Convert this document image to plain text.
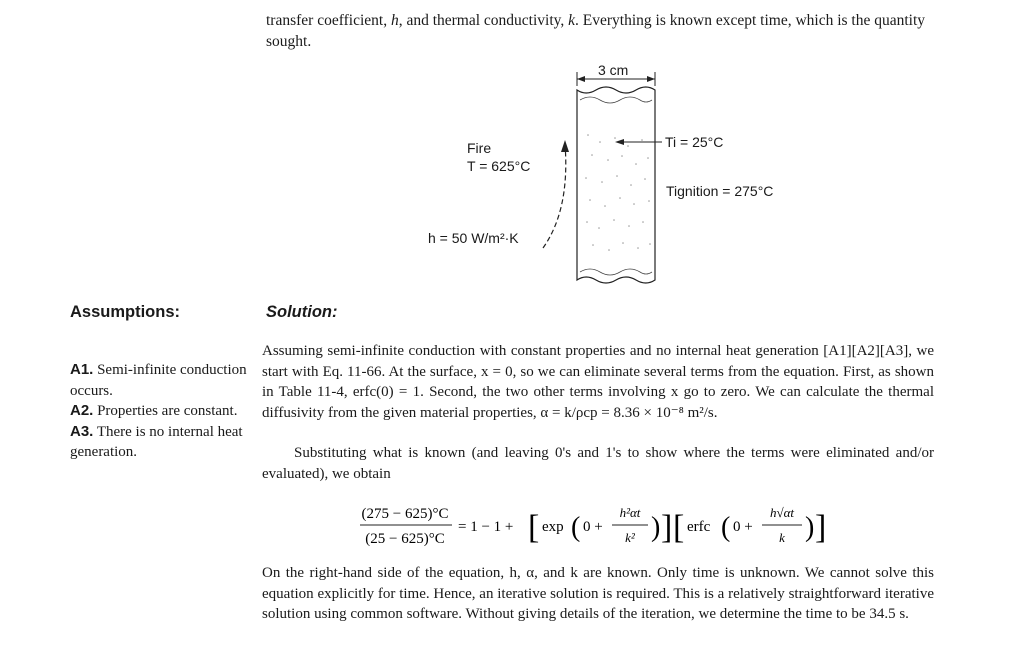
transfer coefficient, h, and thermal conductivity, k. Everything is known except time, which is the quantity sought.
3 cm
Fire
T = 625°C
Ti = 25°C
Tignition = 275°C
h = 50 W/m²·K
Assumptions:	Solution:
A1. Semi-infinite conduction occurs.
A2. Properties are constant.
A3. There is no internal heat generation.
Assuming semi-infinite conduction with constant properties and no internal heat generation [A1][A2][A3], we start with Eq. 11-66. At the surface, x = 0, so we can eliminate several terms from the equation. First, as shown in Table 11-4, erfc(0) = 1. Second, the two other terms involving x go to zero. We can calculate the thermal diffusivity from the given material properties, α = k/ρcp = 8.36 × 10⁻⁸ m²/s.
Substituting what is known (and leaving 0's and 1's to show where the terms were eliminated and/or evaluated), we obtain
(275 − 625)°C
(25 − 625)°C
= 1 − 1 + [ exp ( 0 +
h²αt
k² ) ] [ erfc ( 0 +
h√αt
k ) ]
On the right-hand side of the equation, h, α, and k are known. Only time is unknown. We cannot solve this equation explicitly for time. Hence, an iterative solution is required. This is a relatively straightforward iterative solution using common software. Without giving details of the iteration, we determine the time to be 34.5 s.
